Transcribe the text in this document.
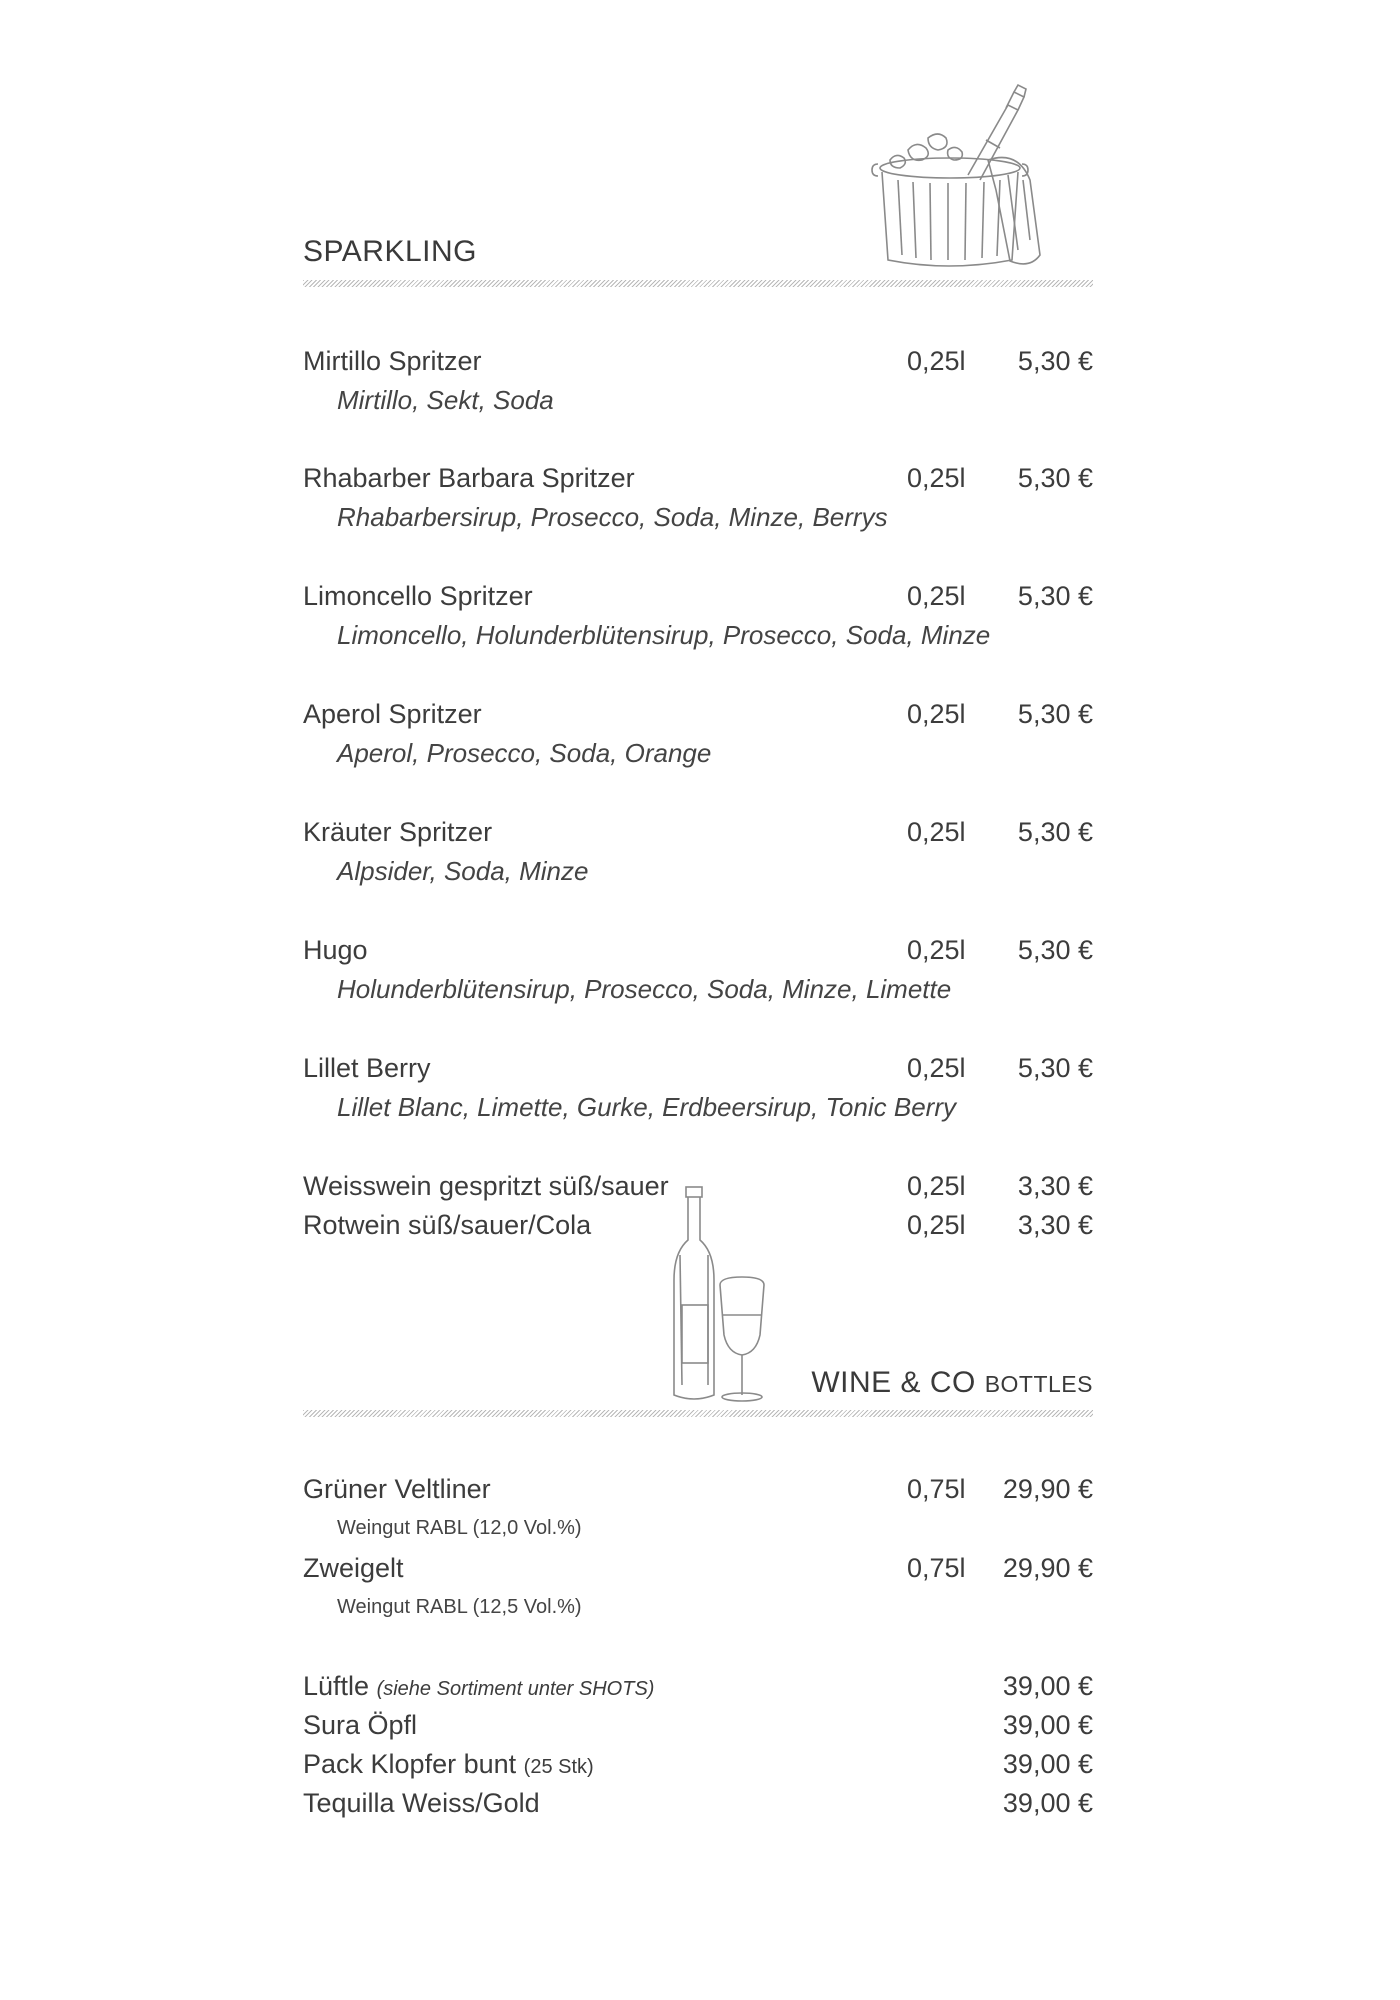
SPARKLING
Mirtillo Spritzer	0,25l 5,30 €
Mirtillo, Sekt, Soda
Rhabarber Barbara Spritzer	0,25l 5,30 €
Rhabarbersirup, Prosecco, Soda, Minze, Berrys
Limoncello Spritzer	0,25l 5,30 €
Limoncello, Holunderblütensirup, Prosecco, Soda, Minze
Aperol Spritzer	0,25l 5,30 €
Aperol, Prosecco, Soda, Orange
Kräuter Spritzer	0,25l 5,30 €
Alpsider, Soda, Minze
Hugo	0,25l 5,30 €
Holunderblütensirup, Prosecco, Soda, Minze, Limette
Lillet Berry	0,25l 5,30 €
Lillet Blanc, Limette, Gurke, Erdbeersirup, Tonic Berry
Weisswein gespritzt süß/sauer	0,25l 3,30 €
Rotwein süß/sauer/Cola	0,25l 3,30 €
WINE & CO BOTTLES
Grüner Veltliner	0,75l 29,90 €
Weingut RABL (12,0 Vol.%)
Zweigelt	0,75l 29,90 €
Weingut RABL (12,5 Vol.%)
Lüftle (siehe Sortiment unter SHOTS)	39,00 €
Sura Öpfl	39,00 €
Pack Klopfer bunt (25 Stk)	39,00 €
Tequilla Weiss/Gold	39,00 €
